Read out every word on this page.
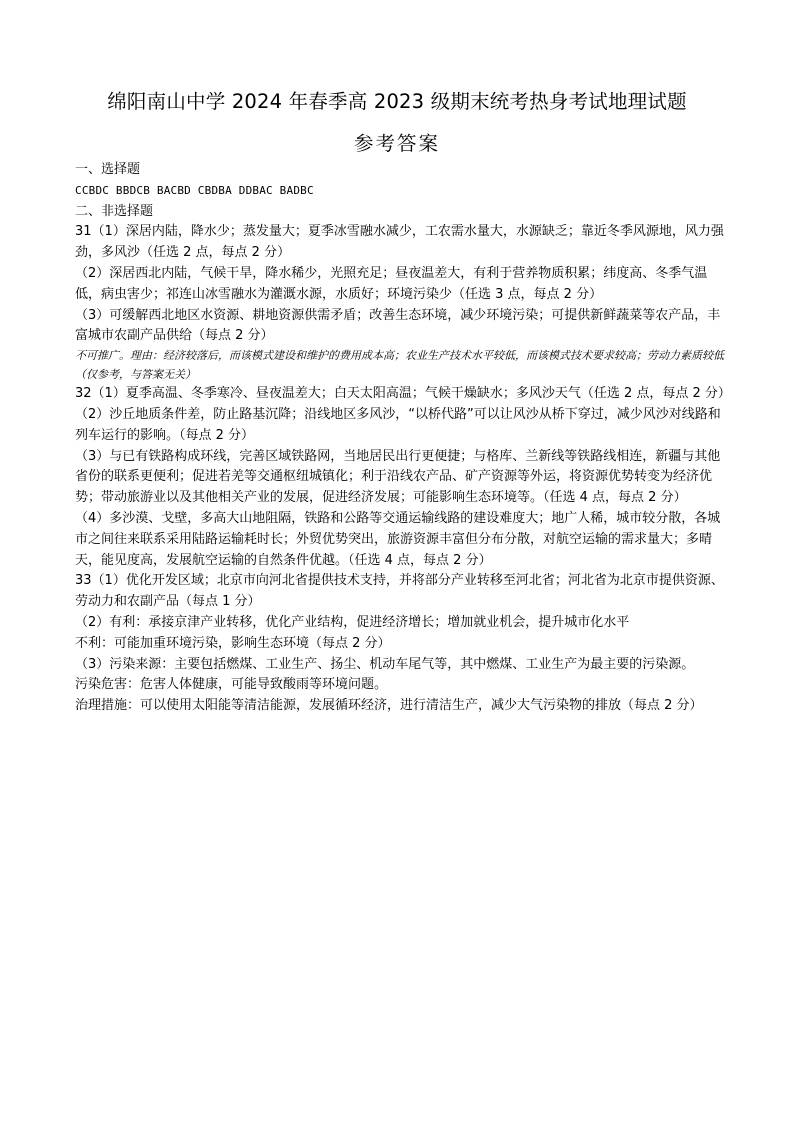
绵阳南山中学 2024 年春季高 2023 级期末统考热身考试地理试题
参考答案

一、选择题

CCBDC BBDCB BACBD CBDBA DDBAC BADBC

二、非选择题

31（1）深居内陆，降水少；蒸发量大；夏季冰雪融水减少，工农需水量大，水源缺乏；靠近冬季风源地，风力强劲，多风沙（任选 2 点，每点 2 分）

（2）深居西北内陆，气候干旱，降水稀少，光照充足；昼夜温差大，有利于营养物质积累；纬度高、冬季气温低，病虫害少；祁连山冰雪融水为灌溉水源，水质好；环境污染少（任选 3 点，每点 2 分）

（3）可缓解西北地区水资源、耕地资源供需矛盾；改善生态环境，减少环境污染；可提供新鲜蔬菜等农产品，丰富城市农副产品供给（每点 2 分）

不可推广。理由：经济较落后，而该模式建设和维护的费用成本高；农业生产技术水平较低，而该模式技术要求较高；劳动力素质较低（仅参考，与答案无关）

32（1）夏季高温、冬季寒冷、昼夜温差大；白天太阳高温；气候干燥缺水；多风沙天气（任选 2 点，每点 2 分）

（2）沙丘地质条件差，防止路基沉降；沿线地区多风沙，“以桥代路”可以让风沙从桥下穿过，减少风沙对线路和列车运行的影响。（每点 2 分）

（3）与已有铁路构成环线，完善区域铁路网，当地居民出行更便捷；与格库、兰新线等铁路线相连，新疆与其他省份的联系更便利；促进若羌等交通枢纽城镇化；利于沿线农产品、矿产资源等外运，将资源优势转变为经济优势；带动旅游业以及其他相关产业的发展，促进经济发展；可能影响生态环境等。（任选 4 点，每点 2 分）

（4）多沙漠、戈壁，多高大山地阻隔，铁路和公路等交通运输线路的建设难度大；地广人稀，城市较分散，各城市之间往来联系采用陆路运输耗时长；外贸优势突出，旅游资源丰富但分布分散，对航空运输的需求量大；多晴天，能见度高，发展航空运输的自然条件优越。（任选 4 点，每点 2 分）

33（1）优化开发区域；北京市向河北省提供技术支持，并将部分产业转移至河北省；河北省为北京市提供资源、劳动力和农副产品（每点 1 分）

（2）有利：承接京津产业转移，优化产业结构，促进经济增长；增加就业机会，提升城市化水平

不利：可能加重环境污染，影响生态环境（每点 2 分）

（3）污染来源：主要包括燃煤、工业生产、扬尘、机动车尾气等，其中燃煤、工业生产为最主要的污染源。

污染危害：危害人体健康，可能导致酸雨等环境问题。

治理措施：可以使用太阳能等清洁能源，发展循环经济，进行清洁生产，减少大气污染物的排放（每点 2 分）
